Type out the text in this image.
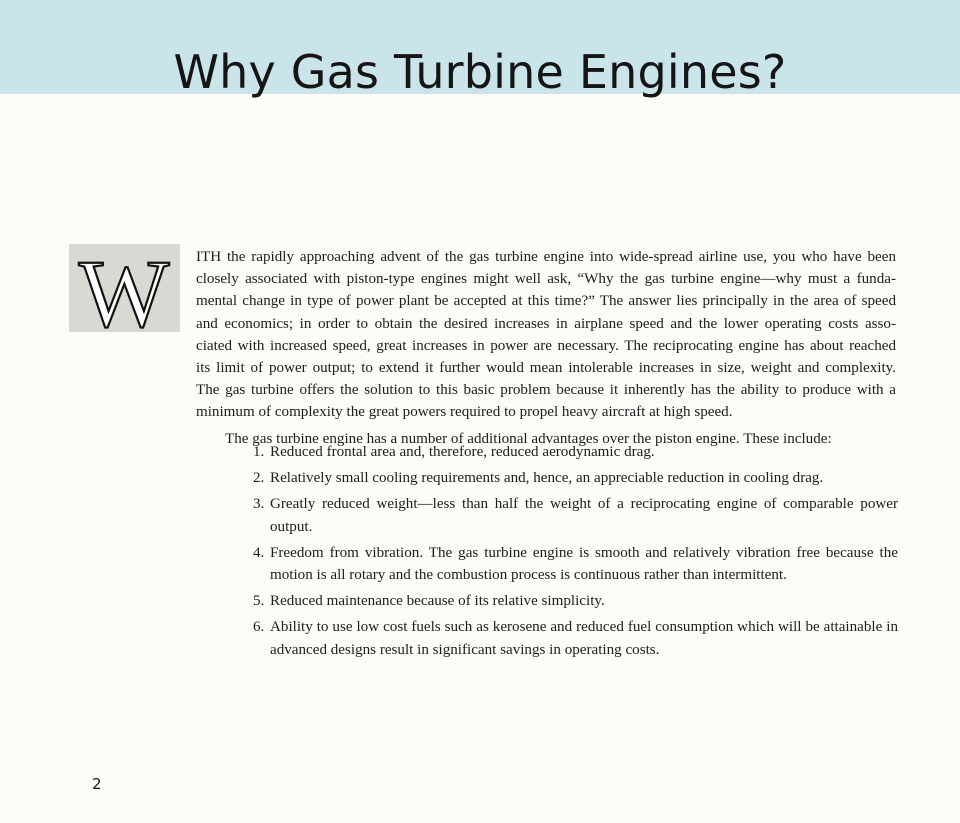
Why Gas Turbine Engines?
W ITH the rapidly approaching advent of the gas turbine engine into wide-spread airline use, you who have been
closely associated with piston-type engines might well ask, “Why the gas turbine engine—why must a funda-
mental change in type of power plant be accepted at this time?” The answer lies principally in the area of speed
and economics; in order to obtain the desired increases in airplane speed and the lower operating costs asso-
ciated with increased speed, great increases in power are necessary. The reciprocating engine has about reached
its limit of power output; to extend it further would mean intolerable increases in size, weight and complexity.
The gas turbine offers the solution to this basic problem because it inherently has the ability to produce with a
minimum of complexity the great powers required to propel heavy aircraft at high speed.

The gas turbine engine has a number of additional advantages over the piston engine. These include:

1. Reduced frontal area and, therefore, reduced aerodynamic drag.
2. Relatively small cooling requirements and, hence, an appreciable reduction in cooling drag.
3. Greatly reduced weight—less than half the weight of a reciprocating engine of comparable power output.
4. Freedom from vibration. The gas turbine engine is smooth and relatively vibration free because the motion is all rotary and the combustion process is continuous rather than intermittent.
5. Reduced maintenance because of its relative simplicity.
6. Ability to use low cost fuels such as kerosene and reduced fuel consumption which will be attainable in advanced designs result in significant savings in operating costs.
2
